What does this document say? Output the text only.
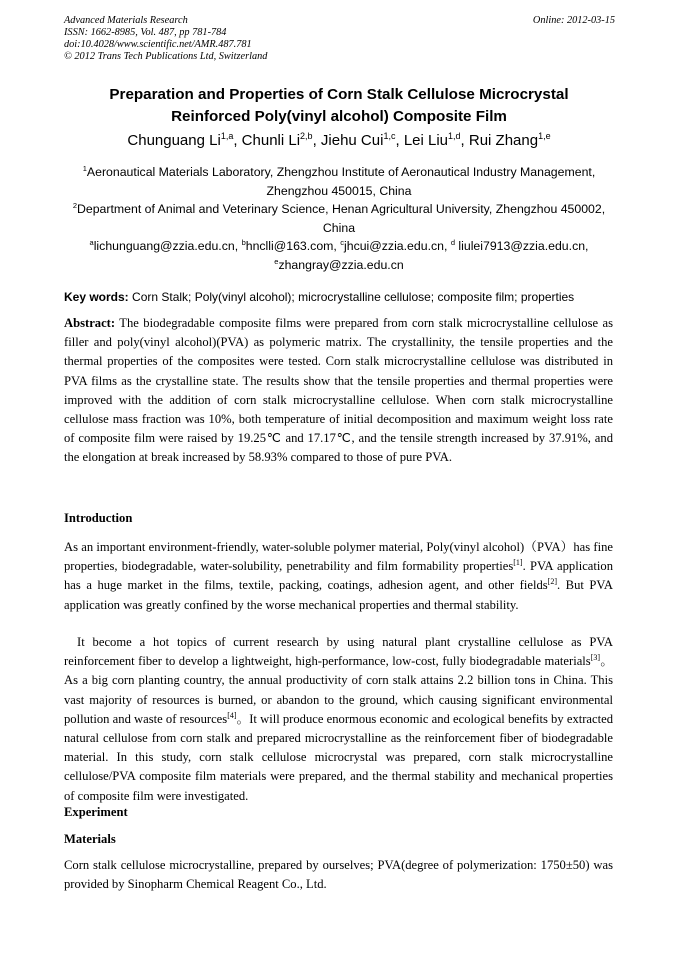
Advanced Materials Research
ISSN: 1662-8985, Vol. 487, pp 781-784
doi:10.4028/www.scientific.net/AMR.487.781
© 2012 Trans Tech Publications Ltd, Switzerland
Online: 2012-03-15
Preparation and Properties of Corn Stalk Cellulose Microcrystal
Reinforced Poly(vinyl alcohol) Composite Film
Chunguang Li$^{1,a}$, Chunli Li$^{2,b}$, Jiehu Cui$^{1,c}$, Lei Liu$^{1,d}$, Rui Zhang$^{1,e}$
$^1$Aeronautical Materials Laboratory, Zhengzhou Institute of Aeronautical Industry Management, Zhengzhou 450015, China
$^2$Department of Animal and Veterinary Science, Henan Agricultural University, Zhengzhou 450002, China
$^a$lichunguang@zzia.edu.cn, $^b$hnclli@163.com, $^c$jhcui@zzia.edu.cn, $^d$ liulei7913@zzia.edu.cn,
$^e$zhangray@zzia.edu.cn
Key words: Corn Stalk; Poly(vinyl alcohol); microcrystalline cellulose; composite film; properties
Abstract: The biodegradable composite films were prepared from corn stalk microcrystalline cellulose as filler and poly(vinyl alcohol)(PVA) as polymeric matrix. The crystallinity, the tensile properties and the thermal properties of the composites were tested. Corn stalk microcrystalline cellulose was distributed in PVA films as the crystalline state. The results show that the tensile properties and thermal properties were improved with the addition of corn stalk microcrystalline cellulose. When corn stalk microcrystalline cellulose mass fraction was 10%, both temperature of initial decomposition and maximum weight loss rate of composite film were raised by 19.25℃ and 17.17℃, and the tensile strength increased by 37.91%, and the elongation at break increased by 58.93% compared to those of pure PVA.
Introduction
As an important environment-friendly, water-soluble polymer material, Poly(vinyl alcohol)（PVA）has fine properties, biodegradable, water-solubility, penetrability and film formability properties[1]. PVA application has a huge market in the films, textile, packing, coatings, adhesion agent, and other fields[2]. But PVA application was greatly confined by the worse mechanical properties and thermal stability.
It become a hot topics of current research by using natural plant crystalline cellulose as PVA reinforcement fiber to develop a lightweight, high-performance, low-cost, fully biodegradable materials[3]。As a big corn planting country, the annual productivity of corn stalk attains 2.2 billion tons in China. This vast majority of resources is burned, or abandon to the ground, which causing significant environmental pollution and waste of resources[4]。It will produce enormous economic and ecological benefits by extracted natural cellulose from corn stalk and prepared microcrystalline as the reinforcement fiber of biodegradable material. In this study, corn stalk cellulose microcrystal was prepared, corn stalk microcrystalline cellulose/PVA composite film materials were prepared, and the thermal stability and mechanical properties of composite film were investigated.
Experiment
Materials
Corn stalk cellulose microcrystalline, prepared by ourselves; PVA(degree of polymerization: 1750±50) was provided by Sinopharm Chemical Reagent Co., Ltd.
